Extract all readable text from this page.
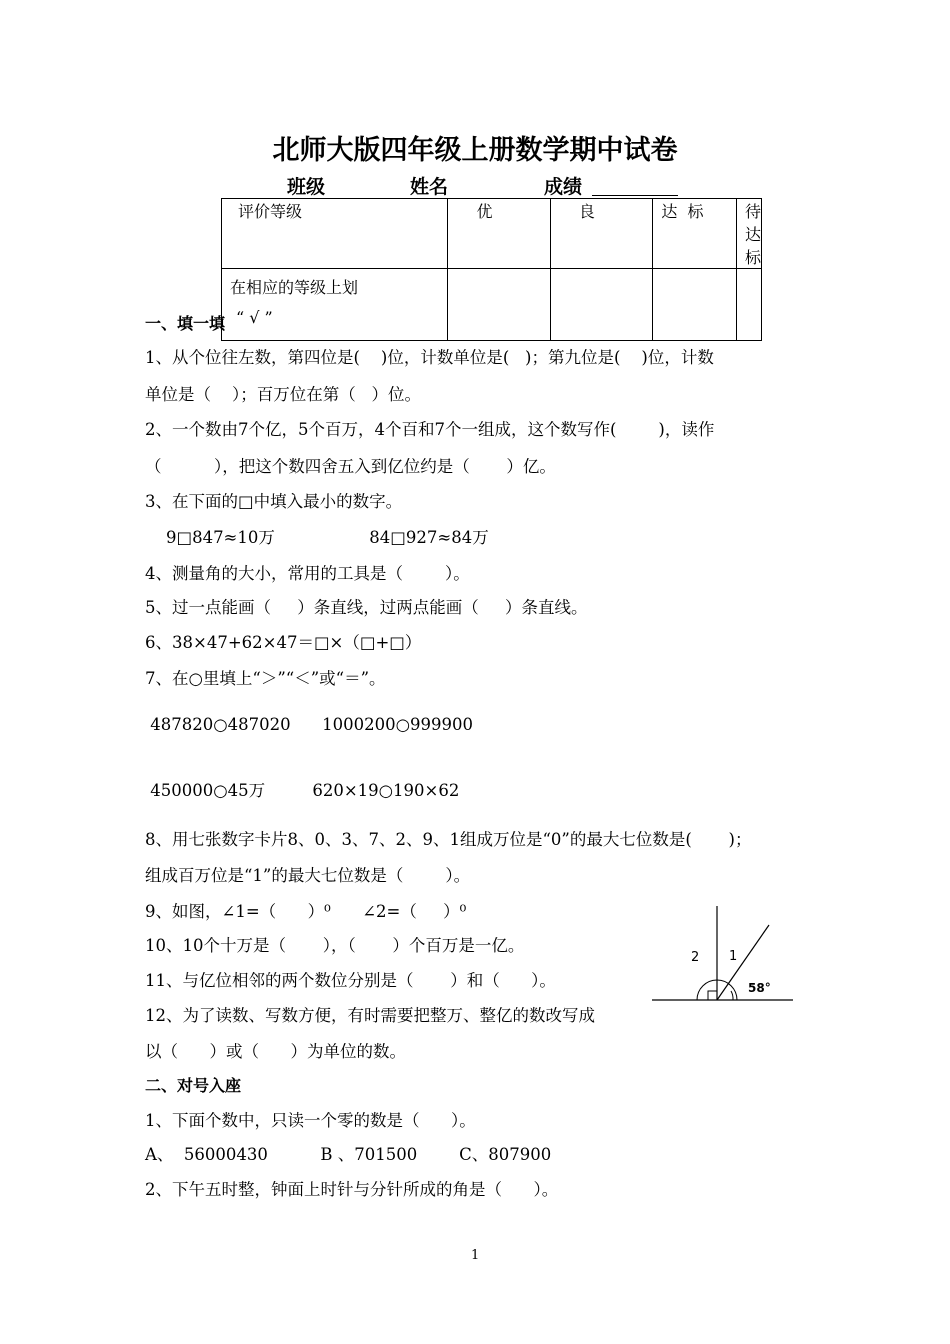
北师大版四年级上册数学期中试卷
班级	姓名	成绩
评价等级	优	良	达  标	待达标

在相应的等级上划
“ √ ”				

一、填一填
1、从个位往左数，第四位是(    )位，计数单位是(   )；第九位是(    )位，计数
单位是（    ）；百万位在第（   ）位。
2、一个数由7个亿，5个百万，4个百和7个一组成，这个数写作(        )，读作
（          ），把这个数四舍五入到亿位约是（       ）亿。
3、在下面的□中填入最小的数字。
9□847≈10万                  84□927≈84万
4、测量角的大小，常用的工具是（        ）。
5、过一点能画（     ）条直线，过两点能画（     ）条直线。
6、38×47+62×47＝□×（□+□）
7、在○里填上“＞”“＜”或“＝”。
487820○487020      1000200○999900
450000○45万         620×19○190×62
8、用七张数字卡片8、0、3、7、2、9、1组成万位是“0”的最大七位数是(       )；
组成百万位是“1”的最大七位数是（        ）。
9、如图，∠1=（      ）⁰      ∠2=（     ）⁰
10、10个十万是（       ），（       ）个百万是一亿。
11、与亿位相邻的两个数位分别是（       ）和（      ）。
12、为了读数、写数方便，有时需要把整万、整亿的数改写成
以（      ）或（      ）为单位的数。
1
2
58°
二、对号入座
1、下面个数中，只读一个零的数是（      ）。
A、  56000430          B 、701500        C、807900
2、下午五时整，钟面上时针与分针所成的角是（      ）。
1
